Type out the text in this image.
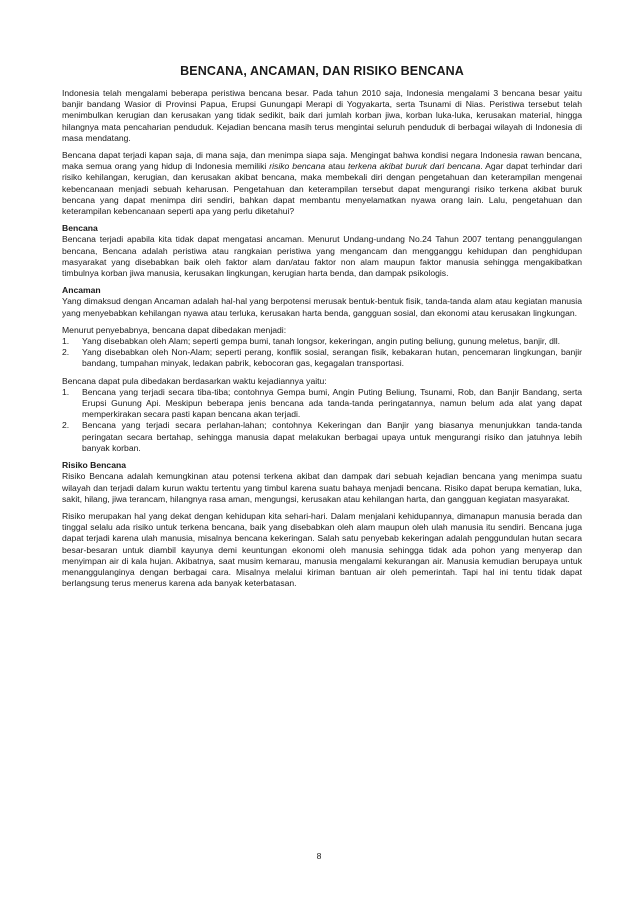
BENCANA, ANCAMAN, DAN RISIKO BENCANA

Indonesia telah mengalami beberapa peristiwa bencana besar. Pada tahun 2010 saja, Indonesia mengalami 3 bencana besar yaitu banjir bandang Wasior di Provinsi Papua, Erupsi Gunungapi Merapi di Yogyakarta, serta Tsunami di Nias. Peristiwa tersebut telah menimbulkan kerugian dan kerusakan yang tidak sedikit, baik dari jumlah korban jiwa, korban luka-luka, kerusakan material, hingga hilangnya mata pencaharian penduduk. Kejadian bencana masih terus mengintai seluruh penduduk di berbagai wilayah di Indonesia di masa mendatang.

Bencana dapat terjadi kapan saja, di mana saja, dan menimpa siapa saja. Mengingat bahwa kondisi negara Indonesia rawan bencana, maka semua orang yang hidup di Indonesia memiliki risiko bencana atau terkena akibat buruk dari bencana. Agar dapat terhindar dari risiko kehilangan, kerugian, dan kerusakan akibat bencana, maka membekali diri dengan pengetahuan dan keterampilan mengenai kebencanaan menjadi sebuah keharusan. Pengetahuan dan keterampilan tersebut dapat mengurangi risiko terkena akibat buruk bencana yang dapat menimpa diri sendiri, bahkan dapat membantu menyelamatkan nyawa orang lain. Lalu, pengetahuan dan keterampilan kebencanaan seperti apa yang perlu diketahui?

Bencana

Bencana terjadi apabila kita tidak dapat mengatasi ancaman. Menurut Undang-undang No.24 Tahun 2007 tentang penanggulangan bencana, Bencana adalah peristiwa atau rangkaian peristiwa yang mengancam dan mengganggu kehidupan dan penghidupan masyarakat yang disebabkan baik oleh faktor alam dan/atau faktor non alam maupun faktor manusia sehingga mengakibatkan timbulnya korban jiwa manusia, kerusakan lingkungan, kerugian harta benda, dan dampak psikologis.

Ancaman

Yang dimaksud dengan Ancaman adalah hal-hal yang berpotensi merusak bentuk-bentuk fisik, tanda-tanda alam atau kegiatan manusia yang menyebabkan kehilangan nyawa atau terluka, kerusakan harta benda, gangguan sosial, dan ekonomi atau kerusakan lingkungan.

Menurut penyebabnya, bencana dapat dibedakan menjadi:
1. Yang disebabkan oleh Alam; seperti gempa bumi, tanah longsor, kekeringan, angin puting beliung, gunung meletus, banjir, dll.
2. Yang disebabkan oleh Non-Alam; seperti perang, konflik sosial, serangan fisik, kebakaran hutan, pencemaran lingkungan, banjir bandang, tumpahan minyak, ledakan pabrik, kebocoran gas, kegagalan transportasi.
Bencana dapat pula dibedakan berdasarkan waktu kejadiannya yaitu:
1. Bencana yang terjadi secara tiba-tiba; contohnya Gempa bumi, Angin Puting Beliung, Tsunami, Rob, dan Banjir Bandang, serta Erupsi Gunung Api. Meskipun beberapa jenis bencana ada tanda-tanda peringatannya, namun belum ada alat yang dapat memperkirakan secara pasti kapan bencana akan terjadi.
2. Bencana yang terjadi secara perlahan-lahan; contohnya Kekeringan dan Banjir yang biasanya menunjukkan tanda-tanda peringatan secara bertahap, sehingga manusia dapat melakukan berbagai upaya untuk mengurangi risiko dan jatuhnya lebih banyak korban.
Risiko Bencana

Risiko Bencana adalah kemungkinan atau potensi terkena akibat dan dampak dari sebuah kejadian bencana yang menimpa suatu wilayah dan terjadi dalam kurun waktu tertentu yang timbul karena suatu bahaya menjadi bencana. Risiko dapat berupa kematian, luka, sakit, hilang, jiwa terancam, hilangnya rasa aman, mengungsi, kerusakan atau kehilangan harta, dan gangguan kegiatan masyarakat.

Risiko merupakan hal yang dekat dengan kehidupan kita sehari-hari. Dalam menjalani kehidupannya, dimanapun manusia berada dan tinggal selalu ada risiko untuk terkena bencana, baik yang disebabkan oleh alam maupun oleh ulah manusia itu sendiri. Bencana juga dapat terjadi karena ulah manusia, misalnya bencana kekeringan. Salah satu penyebab kekeringan adalah penggundulan hutan secara besar-besaran untuk diambil kayunya demi keuntungan ekonomi oleh manusia sehingga tidak ada pohon yang menyerap dan menyimpan air di kala hujan. Akibatnya, saat musim kemarau, manusia mengalami kekurangan air. Manusia kemudian berupaya untuk menanggulanginya dengan berbagai cara. Misalnya melalui kiriman bantuan air oleh pemerintah. Tapi hal ini tentu tidak dapat berlangsung terus menerus karena ada banyak keterbatasan.

8
